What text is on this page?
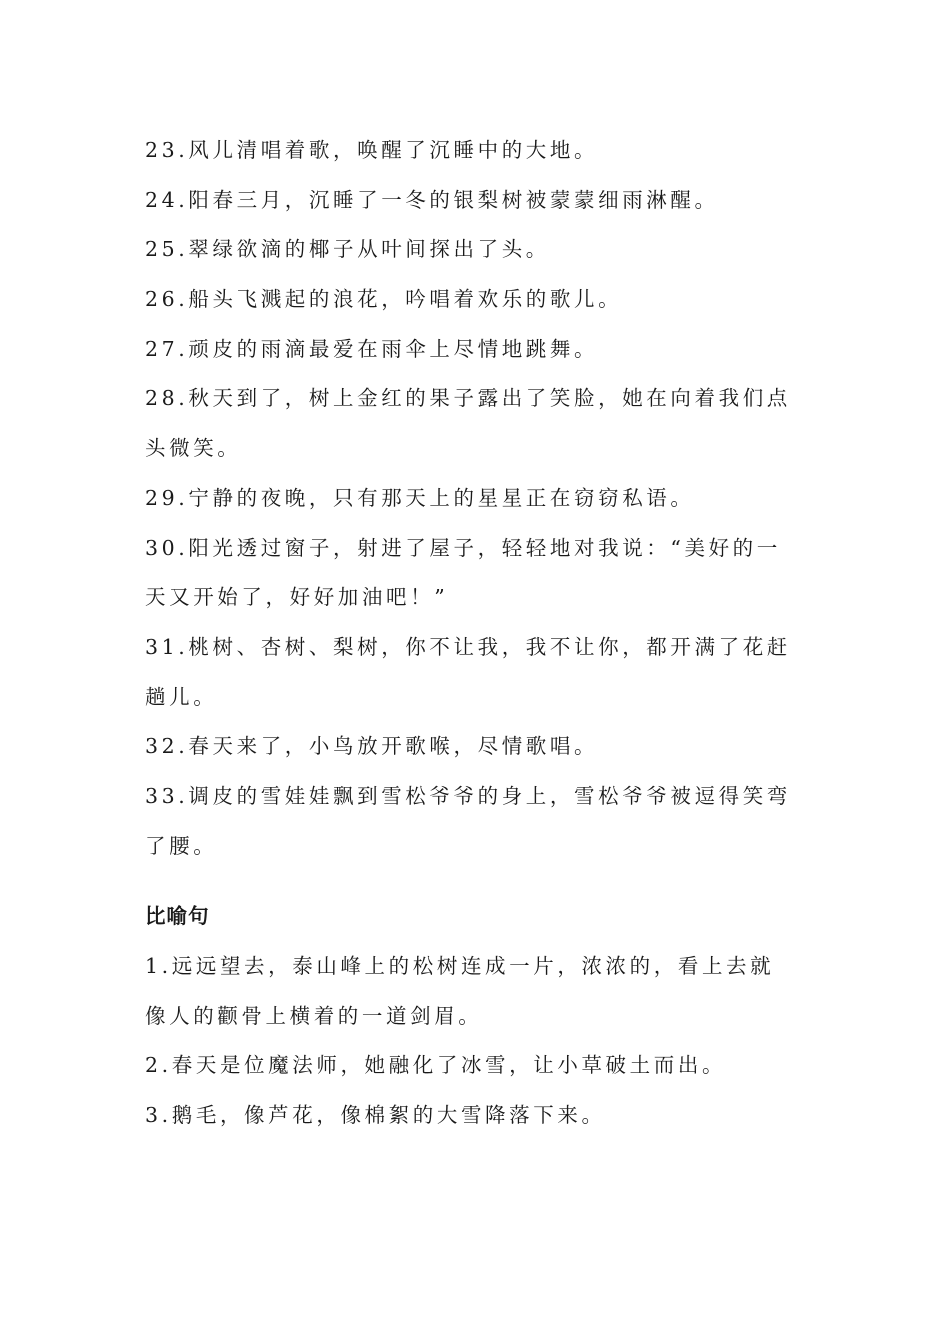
23.风儿清唱着歌，唤醒了沉睡中的大地。
24.阳春三月，沉睡了一冬的银梨树被蒙蒙细雨淋醒。
25.翠绿欲滴的椰子从叶间探出了头。
26.船头飞溅起的浪花，吟唱着欢乐的歌儿。
27.顽皮的雨滴最爱在雨伞上尽情地跳舞。
28.秋天到了，树上金红的果子露出了笑脸，她在向着我们点
头微笑。
29.宁静的夜晚，只有那天上的星星正在窃窃私语。
30.阳光透过窗子，射进了屋子，轻轻地对我说：“美好的一
天又开始了，好好加油吧！”
31.桃树、杏树、梨树，你不让我，我不让你，都开满了花赶
趟儿。
32.春天来了，小鸟放开歌喉，尽情歌唱。
33.调皮的雪娃娃飘到雪松爷爷的身上，雪松爷爷被逗得笑弯
了腰。
比喻句
1.远远望去，泰山峰上的松树连成一片，浓浓的，看上去就
像人的颧骨上横着的一道剑眉。
2.春天是位魔法师，她融化了冰雪，让小草破土而出。
3.鹅毛，像芦花，像棉絮的大雪降落下来。
